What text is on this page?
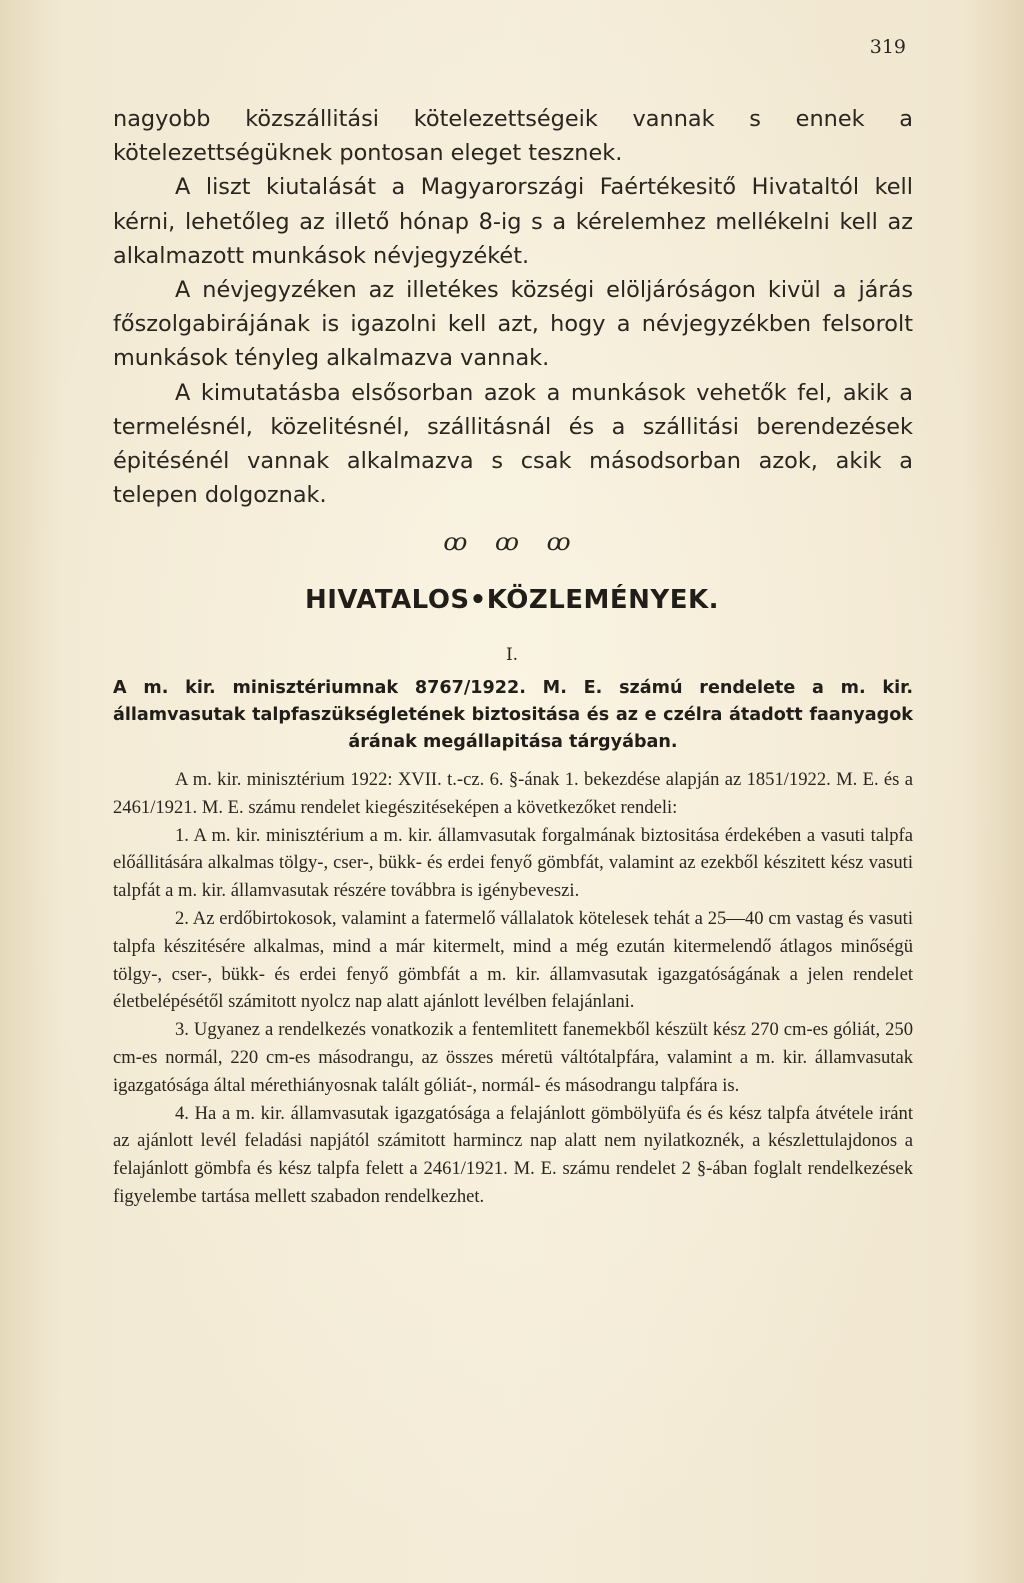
319

nagyobb közszállitási kötelezettségeik vannak s ennek a kötelezettségüknek pontosan eleget tesznek.

A liszt kiutalását a Magyarországi Faértékesitő Hivataltól kell kérni, lehetőleg az illető hónap 8-ig s a kérelemhez mellékelni kell az alkalmazott munkások névjegyzékét.

A névjegyzéken az illetékes községi elöljáróságon kivül a járás főszolgabirájának is igazolni kell azt, hogy a névjegyzékben felsorolt munkások tényleg alkalmazva vannak.

A kimutatásba elsősorban azok a munkások vehetők fel, akik a termelésnél, közelitésnél, szállitásnál és a szállitási berendezések épitésénél vannak alkalmazva s csak másodsorban azok, akik a telepen dolgoznak.

ꝏ ꝏ ꝏ
HIVATALOS•KÖZLEMÉNYEK.
I.
A m. kir. minisztériumnak 8767/1922. M. E. számú rendelete a m. kir. államvasutak talpfaszükségletének biztositása és az e czélra átadott faanyagok árának megállapitása tárgyában.

A m. kir. minisztérium 1922: XVII. t.-cz. 6. §-ának 1. bekezdése alapján az 1851/1922. M. E. és a 2461/1921. M. E. számu rendelet kiegészitéseképen a következőket rendeli:

1. A m. kir. minisztérium a m. kir. államvasutak forgalmának biztositása érdekében a vasuti talpfa előállitására alkalmas tölgy-, cser-, bükk- és erdei fenyő gömbfát, valamint az ezekből készitett kész vasuti talpfát a m. kir. államvasutak részére továbbra is igénybeveszi.

2. Az erdőbirtokosok, valamint a fatermelő vállalatok kötelesek tehát a 25—40 cm vastag és vasuti talpfa készitésére alkalmas, mind a már kitermelt, mind a még ezután kitermelendő átlagos minőségü tölgy-, cser-, bükk- és erdei fenyő gömbfát a m. kir. államvasutak igazgatóságának a jelen rendelet életbelépésétől számitott nyolcz nap alatt ajánlott levélben felajánlani.

3. Ugyanez a rendelkezés vonatkozik a fentemlitett fanemekből készült kész 270 cm-es góliát, 250 cm-es normál, 220 cm-es másodrangu, az összes méretü váltótalpfára, valamint a m. kir. államvasutak igazgatósága által mérethiányosnak talált góliát-, normál- és másodrangu talpfára is.

4. Ha a m. kir. államvasutak igazgatósága a felajánlott gömbölyüfa és és kész talpfa átvétele iránt az ajánlott levél feladási napjától számitott harmincz nap alatt nem nyilatkoznék, a készlettulajdonos a felajánlott gömbfa és kész talpfa felett a 2461/1921. M. E. számu rendelet 2 §-ában foglalt rendelkezések figyelembe tartása mellett szabadon rendelkezhet.
